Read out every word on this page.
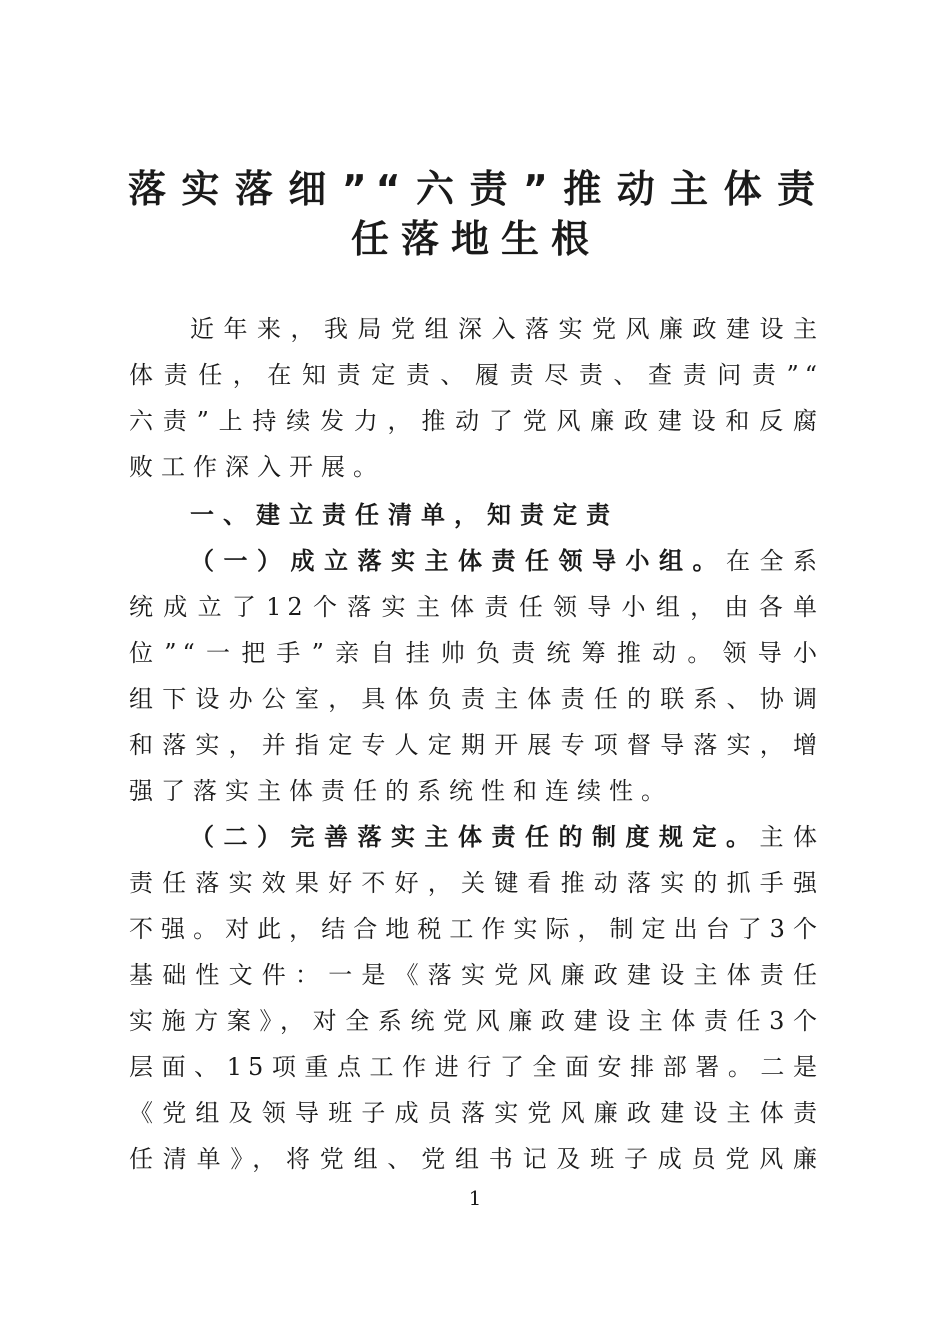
落实落细”“六责”推动主体责
任落地生根
近年来，我局党组深入落实党风廉政建设主
体责任，在知责定责、履责尽责、查责问责”“
六责”上持续发力，推动了党风廉政建设和反腐
败工作深入开展。
一、建立责任清单，知责定责
（一）成立落实主体责任领导小组。在全系
统成立了12个落实主体责任领导小组，由各单
位”“一把手”亲自挂帅负责统筹推动。领导小
组下设办公室，具体负责主体责任的联系、协调
和落实，并指定专人定期开展专项督导落实，增
强了落实主体责任的系统性和连续性。
（二）完善落实主体责任的制度规定。主体
责任落实效果好不好，关键看推动落实的抓手强
不强。对此，结合地税工作实际，制定出台了3个
基础性文件：一是《落实党风廉政建设主体责任
实施方案》，对全系统党风廉政建设主体责任3个
层面、15项重点工作进行了全面安排部署。二是
《党组及领导班子成员落实党风廉政建设主体责
任清单》，将党组、党组书记及班子成员党风廉
1
